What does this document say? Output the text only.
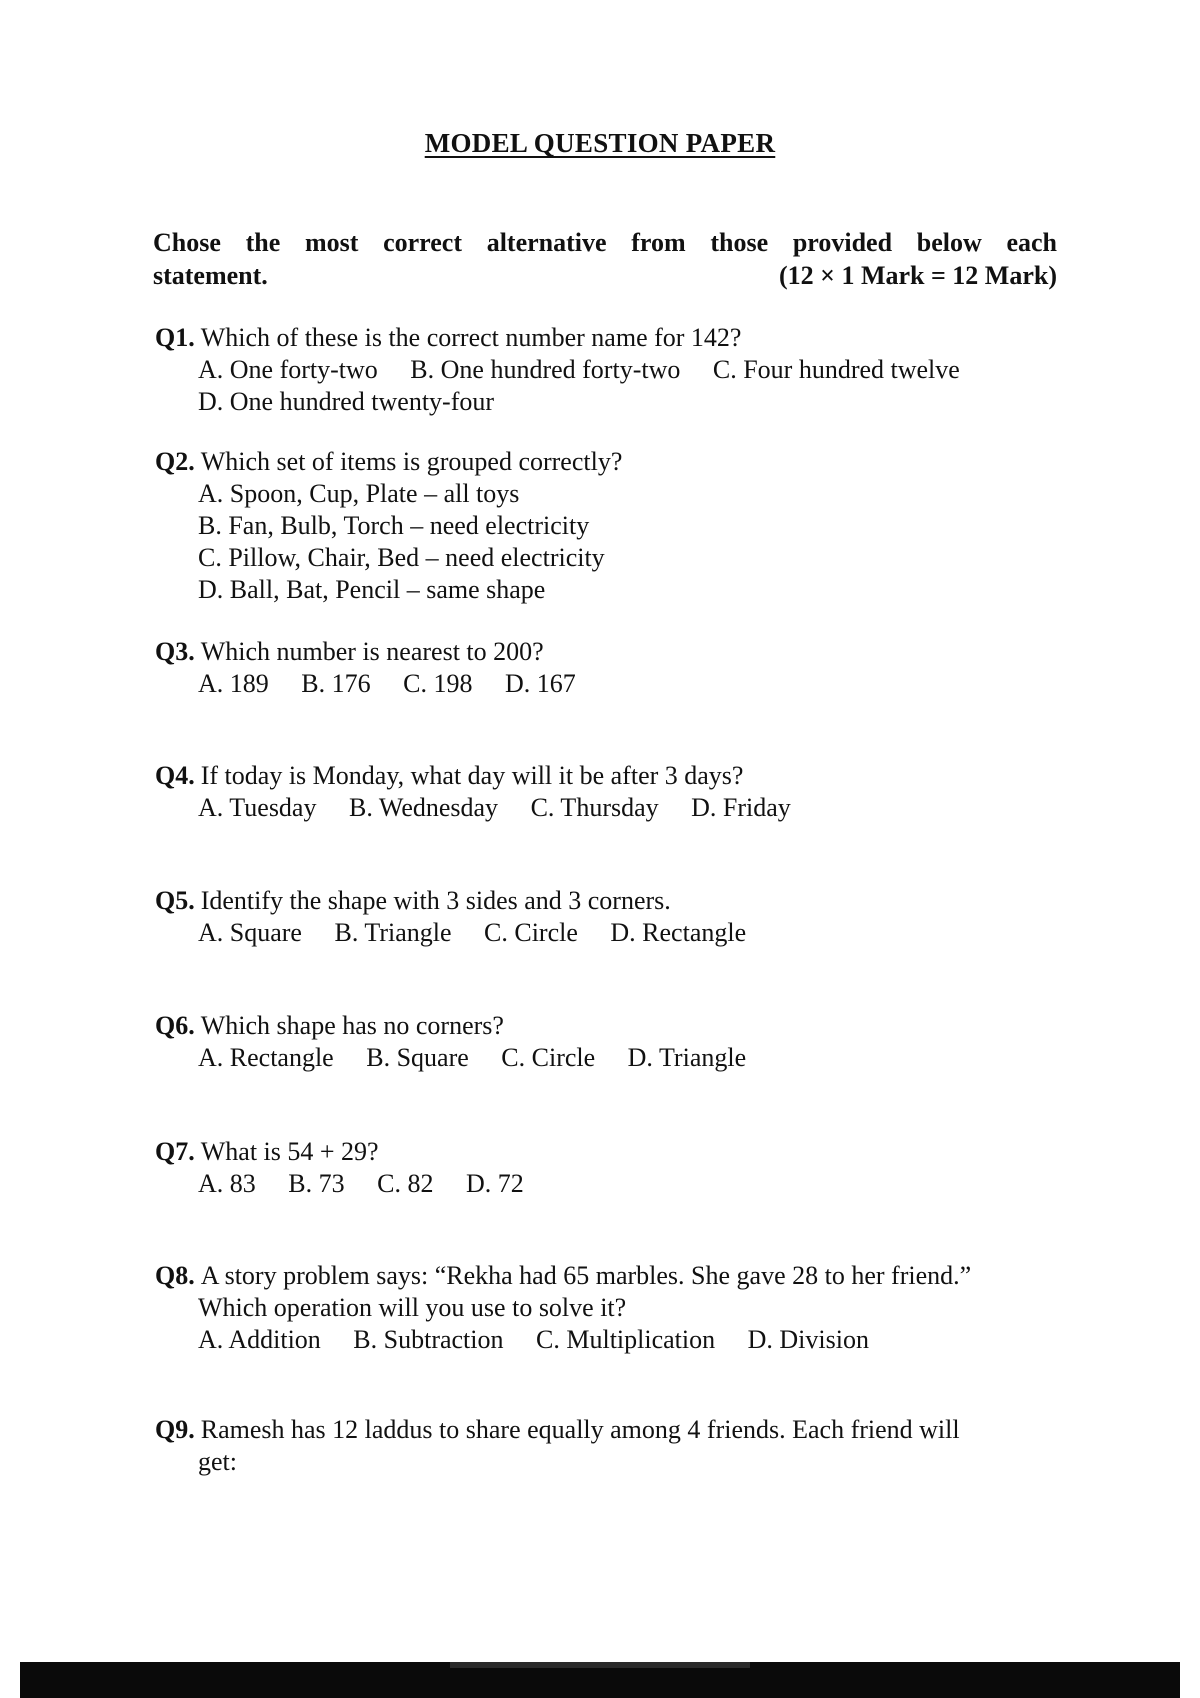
MODEL QUESTION PAPER
Chose the most correct alternative from those provided below each
statement.	(12 × 1 Mark = 12 Mark)
Q1. Which of these is the correct number name for 142?
A. One forty-two B. One hundred forty-two C. Four hundred twelve
D. One hundred twenty-four
Q2. Which set of items is grouped correctly?
A. Spoon, Cup, Plate – all toys
B. Fan, Bulb, Torch – need electricity
C. Pillow, Chair, Bed – need electricity
D. Ball, Bat, Pencil – same shape
Q3. Which number is nearest to 200?
A. 189 B. 176 C. 198 D. 167
Q4. If today is Monday, what day will it be after 3 days?
A. Tuesday B. Wednesday C. Thursday D. Friday
Q5. Identify the shape with 3 sides and 3 corners.
A. Square B. Triangle C. Circle D. Rectangle
Q6. Which shape has no corners?
A. Rectangle B. Square C. Circle D. Triangle
Q7. What is 54 + 29?
A. 83 B. 73 C. 82 D. 72
Q8. A story problem says: “Rekha had 65 marbles. She gave 28 to her friend.”
Which operation will you use to solve it?
A. Addition B. Subtraction C. Multiplication D. Division
Q9. Ramesh has 12 laddus to share equally among 4 friends. Each friend will
get:
